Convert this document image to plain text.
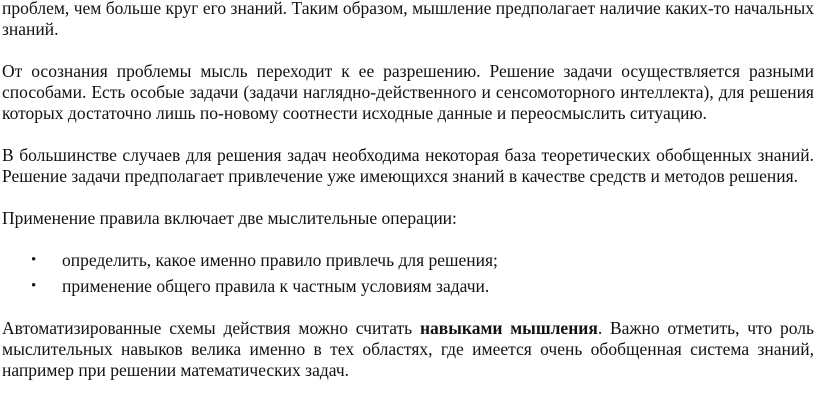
проблем, чем больше круг его знаний. Таким образом, мышление предполагает наличие каких-то начальных знаний.

От осознания проблемы мысль переходит к ее разрешению. Решение задачи осуществляется разными способами. Есть особые задачи (задачи наглядно-действенного и сенсомоторного интеллекта), для решения которых достаточно лишь по-новому соотнести исходные данные и переосмыслить ситуацию.

В большинстве случаев для решения задач необходима некоторая база теоретических обобщенных знаний. Решение задачи предполагает привлечение уже имеющихся знаний в качестве средств и методов решения.

Применение правила включает две мыслительные операции:

• определить, какое именно правило привлечь для решения;
• применение общего правила к частным условиям задачи.

Автоматизированные схемы действия можно считать навыками мышления. Важно отметить, что роль мыслительных навыков велика именно в тех областях, где имеется очень обобщенная система знаний, например при решении математических задач.
